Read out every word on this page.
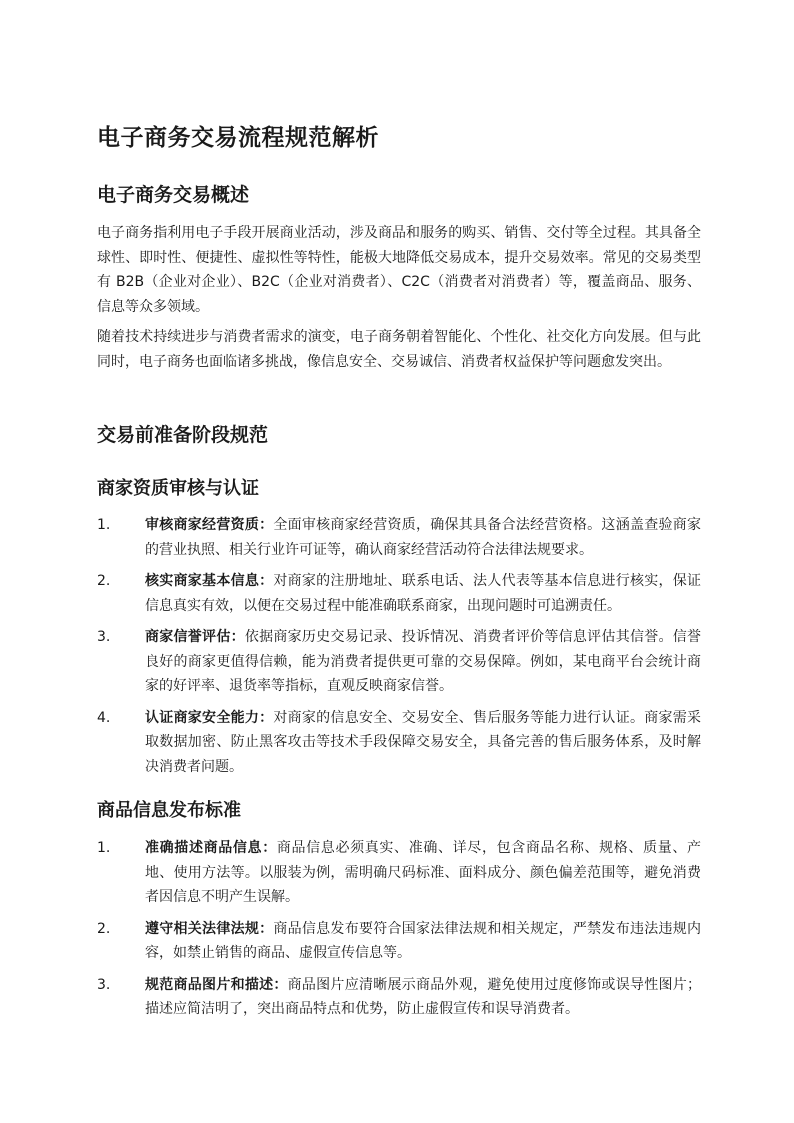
电子商务交易流程规范解析
电子商务交易概述

电子商务指利用电子手段开展商业活动，涉及商品和服务的购买、销售、交付等全过程。其具备全球性、即时性、便捷性、虚拟性等特性，能极大地降低交易成本，提升交易效率。常见的交易类型有 B2B（企业对企业）、B2C（企业对消费者）、C2C（消费者对消费者）等，覆盖商品、服务、信息等众多领域。

随着技术持续进步与消费者需求的演变，电子商务朝着智能化、个性化、社交化方向发展。但与此同时，电子商务也面临诸多挑战，像信息安全、交易诚信、消费者权益保护等问题愈发突出。

交易前准备阶段规范
商家资质审核与认证
1. 审核商家经营资质：全面审核商家经营资质，确保其具备合法经营资格。这涵盖查验商家的营业执照、相关行业许可证等，确认商家经营活动符合法律法规要求。
2. 核实商家基本信息：对商家的注册地址、联系电话、法人代表等基本信息进行核实，保证信息真实有效，以便在交易过程中能准确联系商家，出现问题时可追溯责任。
3. 商家信誉评估：依据商家历史交易记录、投诉情况、消费者评价等信息评估其信誉。信誉良好的商家更值得信赖，能为消费者提供更可靠的交易保障。例如，某电商平台会统计商家的好评率、退货率等指标，直观反映商家信誉。
4. 认证商家安全能力：对商家的信息安全、交易安全、售后服务等能力进行认证。商家需采取数据加密、防止黑客攻击等技术手段保障交易安全，具备完善的售后服务体系，及时解决消费者问题。
商品信息发布标准
1. 准确描述商品信息：商品信息必须真实、准确、详尽，包含商品名称、规格、质量、产地、使用方法等。以服装为例，需明确尺码标准、面料成分、颜色偏差范围等，避免消费者因信息不明产生误解。
2. 遵守相关法律法规：商品信息发布要符合国家法律法规和相关规定，严禁发布违法违规内容，如禁止销售的商品、虚假宣传信息等。
3. 规范商品图片和描述：商品图片应清晰展示商品外观，避免使用过度修饰或误导性图片；描述应简洁明了，突出商品特点和优势，防止虚假宣传和误导消费者。
